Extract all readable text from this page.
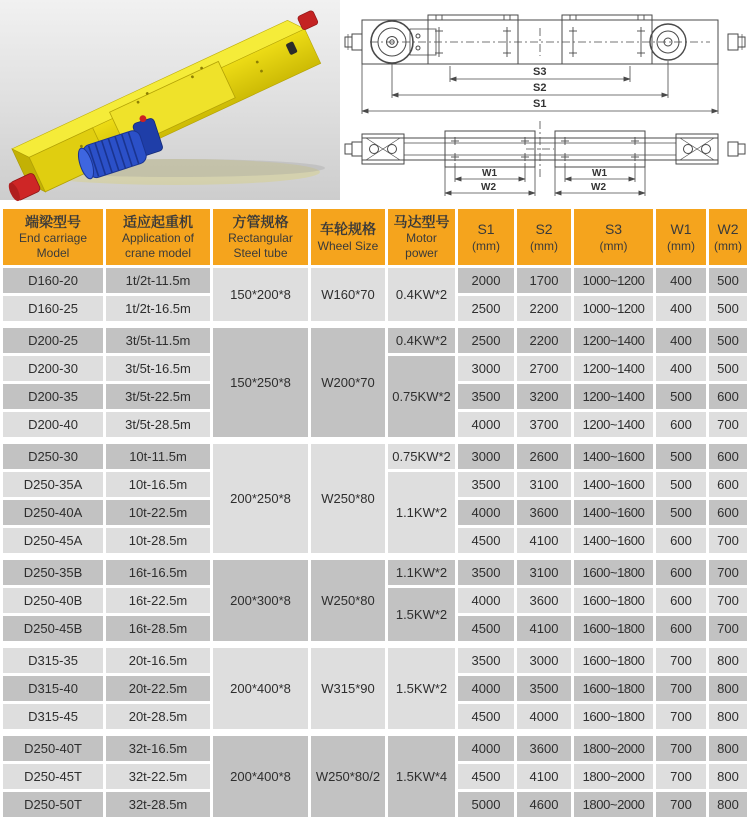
S3
S2
S1
W1
W2
W1
W2
端梁型号
End carriage
Model	适应起重机
Application of
crane model	方管规格
Rectangular
Steel tube	车轮规格
Wheel Size	马达型号
Motor power	S1
(mm)	S2
(mm)	S3
(mm)	W1
(mm)	W2
(mm)

D160-20	1t/2t-11.5m	150*200*8	W160*70	0.4KW*2	2000	1700	1000~1200	400	500
D160-25	1t/2t-16.5m				2500	2200	1000~1200	400	500

D200-25	3t/5t-11.5m	150*250*8	W200*70	0.4KW*2	2500	2200	1200~1400	400	500
D200-30	3t/5t-16.5m			0.75KW*2	3000	2700	1200~1400	400	500
D200-35	3t/5t-22.5m				3500	3200	1200~1400	500	600
D200-40	3t/5t-28.5m				4000	3700	1200~1400	600	700

D250-30	10t-11.5m	200*250*8	W250*80	0.75KW*2	3000	2600	1400~1600	500	600
D250-35A	10t-16.5m			1.1KW*2	3500	3100	1400~1600	500	600
D250-40A	10t-22.5m				4000	3600	1400~1600	500	600
D250-45A	10t-28.5m				4500	4100	1400~1600	600	700

D250-35B	16t-16.5m	200*300*8	W250*80	1.1KW*2	3500	3100	1600~1800	600	700
D250-40B	16t-22.5m			1.5KW*2	4000	3600	1600~1800	600	700
D250-45B	16t-28.5m				4500	4100	1600~1800	600	700

D315-35	20t-16.5m	200*400*8	W315*90	1.5KW*2	3500	3000	1600~1800	700	800
D315-40	20t-22.5m				4000	3500	1600~1800	700	800
D315-45	20t-28.5m				4500	4000	1600~1800	700	800

D250-40T	32t-16.5m	200*400*8	W250*80/2	1.5KW*4	4000	3600	1800~2000	700	800
D250-45T	32t-22.5m				4500	4100	1800~2000	700	800
D250-50T	32t-28.5m				5000	4600	1800~2000	700	800
